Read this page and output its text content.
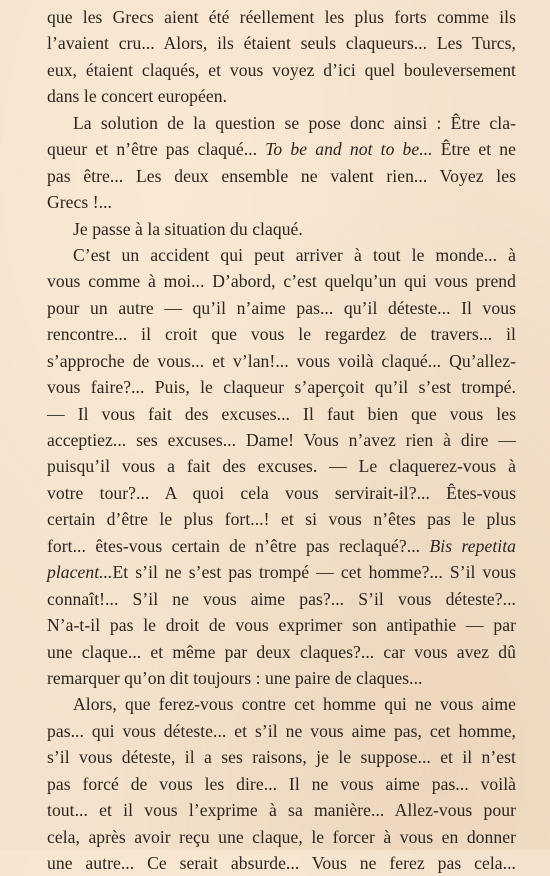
que les Grecs aient été réellement les plus forts comme ils
l’avaient cru... Alors, ils étaient seuls claqueurs... Les Turcs,
eux, étaient claqués, et vous voyez d’ici quel bouleversement
dans le concert européen.
La solution de la question se pose donc ainsi : Être cla-
queur et n’être pas claqué... To be and not to be... Être et ne
pas être... Les deux ensemble ne valent rien... Voyez les
Grecs !...
Je passe à la situation du claqué.
C’est un accident qui peut arriver à tout le monde... à
vous comme à moi... D’abord, c’est quelqu’un qui vous prend
pour un autre — qu’il n’aime pas... qu’il déteste... Il vous
rencontre... il croit que vous le regardez de travers... il
s’approche de vous... et v’lan!... vous voilà claqué... Qu’allez-
vous faire?... Puis, le claqueur s’aperçoit qu’il s’est trompé.
— Il vous fait des excuses... Il faut bien que vous les
acceptiez... ses excuses... Dame! Vous n’avez rien à dire —
puisqu’il vous a fait des excuses. — Le claquerez-vous à
votre tour?... A quoi cela vous servirait-il?... Êtes-vous
certain d’être le plus fort...! et si vous n’êtes pas le plus
fort... êtes-vous certain de n’être pas reclaqué?... Bis repetita
placent...Et s’il ne s’est pas trompé — cet homme?... S’il vous
connaît!... S’il ne vous aime pas?... S’il vous déteste?...
N’a-t-il pas le droit de vous exprimer son antipathie — par
une claque... et même par deux claques?... car vous avez dû
remarquer qu’on dit toujours : une paire de claques...
Alors, que ferez-vous contre cet homme qui ne vous aime
pas... qui vous déteste... et s’il ne vous aime pas, cet homme,
s’il vous déteste, il a ses raisons, je le suppose... et il n’est
pas forcé de vous les dire... Il ne vous aime pas... voilà
tout... et il vous l’exprime à sa manière... Allez-vous pour
cela, après avoir reçu une claque, le forcer à vous en donner
une autre... Ce serait absurde... Vous ne ferez pas cela...
